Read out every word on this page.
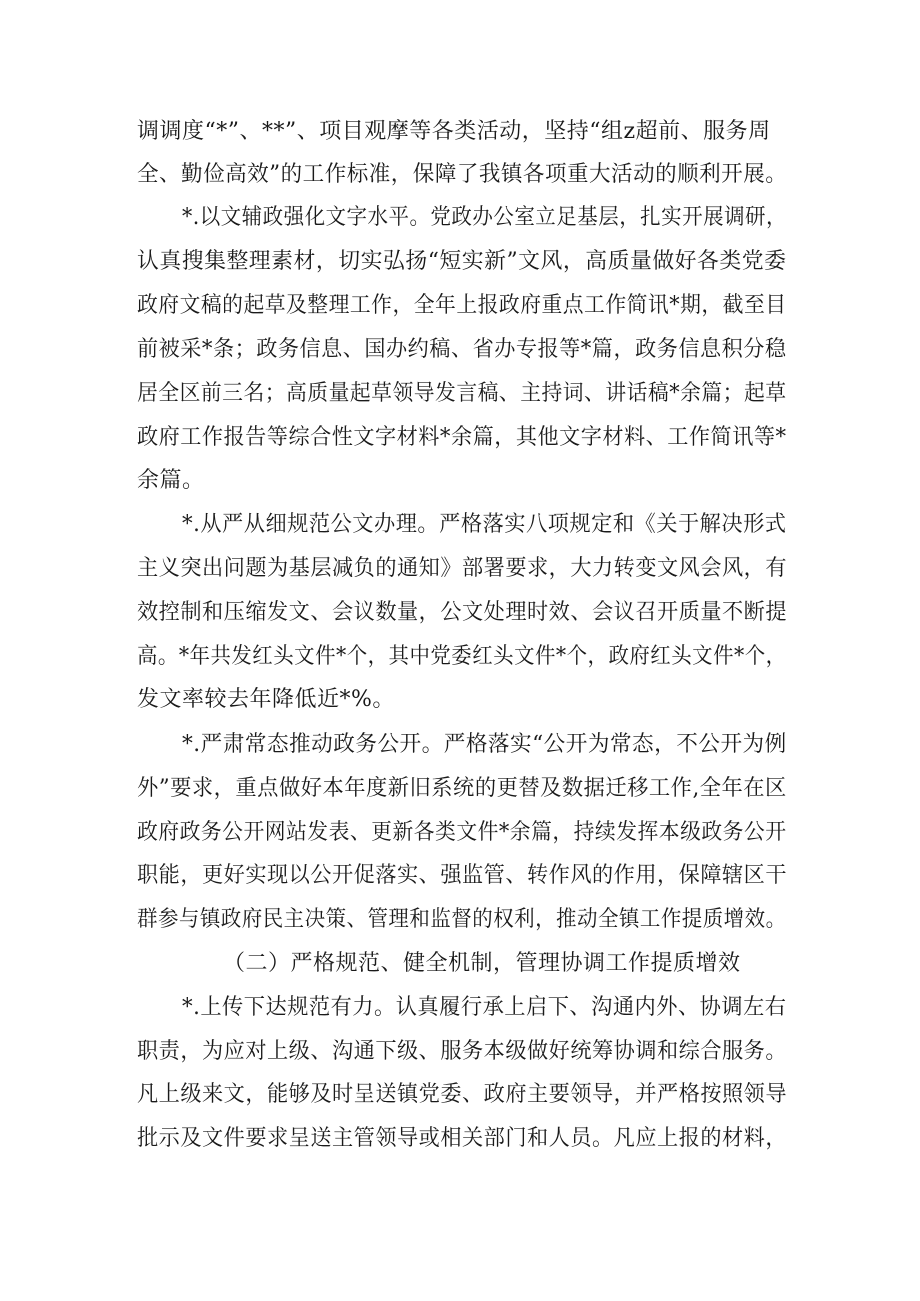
调调度“*”、**”、项目观摩等各类活动，坚持“组z超前、服务周
全、勤俭高效”的工作标准，保障了我镇各项重大活动的顺利开展。
*.以文辅政强化文字水平。党政办公室立足基层，扎实开展调研，
认真搜集整理素材，切实弘扬“短实新”文风，高质量做好各类党委
政府文稿的起草及整理工作，全年上报政府重点工作简讯*期，截至目
前被采*条；政务信息、国办约稿、省办专报等*篇，政务信息积分稳
居全区前三名；高质量起草领导发言稿、主持词、讲话稿*余篇；起草
政府工作报告等综合性文字材料*余篇，其他文字材料、工作简讯等*
余篇。
*.从严从细规范公文办理。严格落实八项规定和《关于解决形式
主义突出问题为基层减负的通知》部署要求，大力转变文风会风，有
效控制和压缩发文、会议数量，公文处理时效、会议召开质量不断提
高。*年共发红头文件*个，其中党委红头文件*个，政府红头文件*个，
发文率较去年降低近*%。
*.严肃常态推动政务公开。严格落实“公开为常态，不公开为例
外”要求，重点做好本年度新旧系统的更替及数据迁移工作,全年在区
政府政务公开网站发表、更新各类文件*余篇，持续发挥本级政务公开
职能，更好实现以公开促落实、强监管、转作风的作用，保障辖区干
群参与镇政府民主决策、管理和监督的权利，推动全镇工作提质增效。
（二）严格规范、健全机制，管理协调工作提质增效
*.上传下达规范有力。认真履行承上启下、沟通内外、协调左右
职责，为应对上级、沟通下级、服务本级做好统筹协调和综合服务。
凡上级来文，能够及时呈送镇党委、政府主要领导，并严格按照领导
批示及文件要求呈送主管领导或相关部门和人员。凡应上报的材料，
